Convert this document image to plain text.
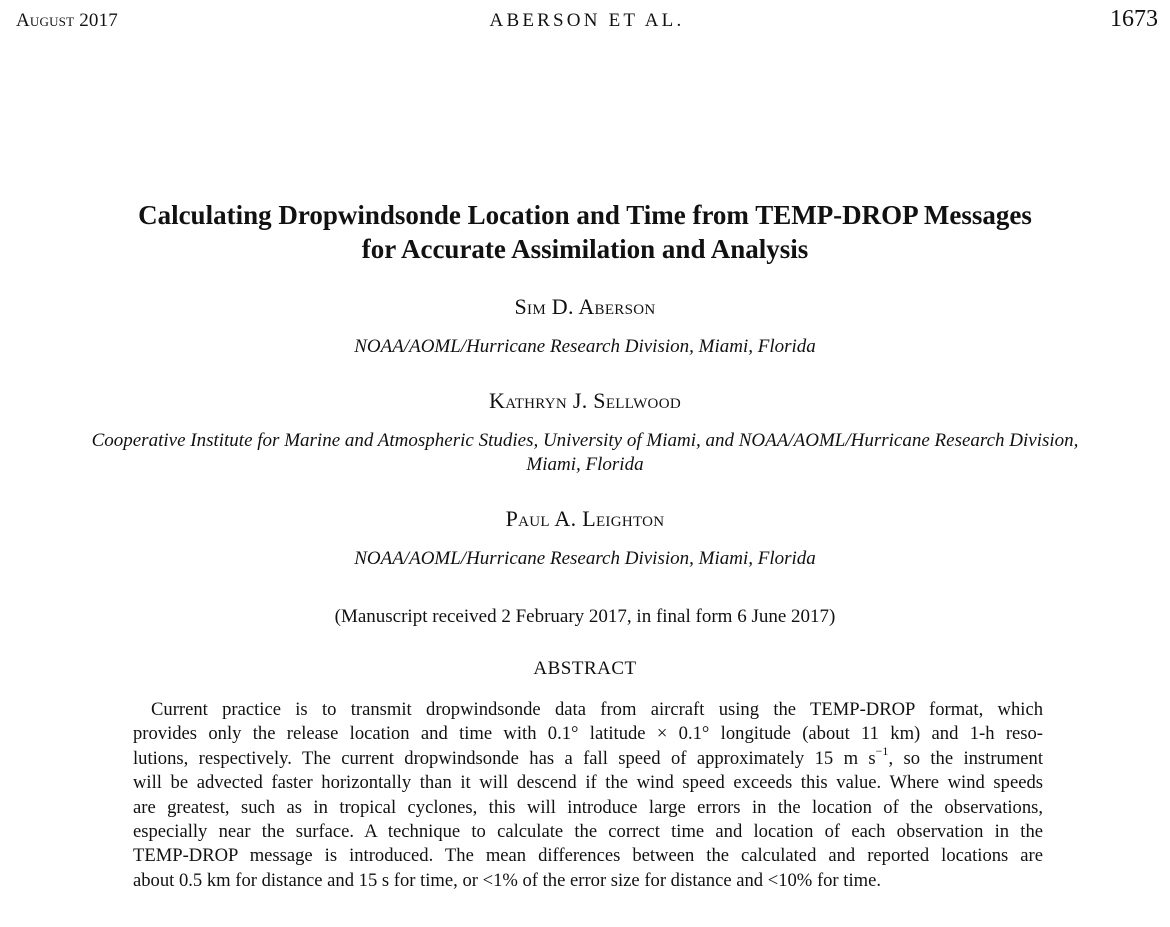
August 2017	ABERSON ET AL.	1673
Calculating Dropwindsonde Location and Time from TEMP-DROP Messages
for Accurate Assimilation and Analysis
Sim D. Aberson
NOAA/AOML/Hurricane Research Division, Miami, Florida
Kathryn J. Sellwood
Cooperative Institute for Marine and Atmospheric Studies, University of Miami, and NOAA/AOML/Hurricane Research Division,
Miami, Florida
Paul A. Leighton
NOAA/AOML/Hurricane Research Division, Miami, Florida
(Manuscript received 2 February 2017, in final form 6 June 2017)
ABSTRACT
Current practice is to transmit dropwindsonde data from aircraft using the TEMP-DROP format, which
provides only the release location and time with 0.1° latitude × 0.1° longitude (about 11 km) and 1-h reso-
lutions, respectively. The current dropwindsonde has a fall speed of approximately 15 m $s^{-1}$, so the instrument
will be advected faster horizontally than it will descend if the wind speed exceeds this value. Where wind speeds
are greatest, such as in tropical cyclones, this will introduce large errors in the location of the observations,
especially near the surface. A technique to calculate the correct time and location of each observation in the
TEMP-DROP message is introduced. The mean differences between the calculated and reported locations are
about 0.5 km for distance and 15 s for time, or <1% of the error size for distance and <10% for time.
